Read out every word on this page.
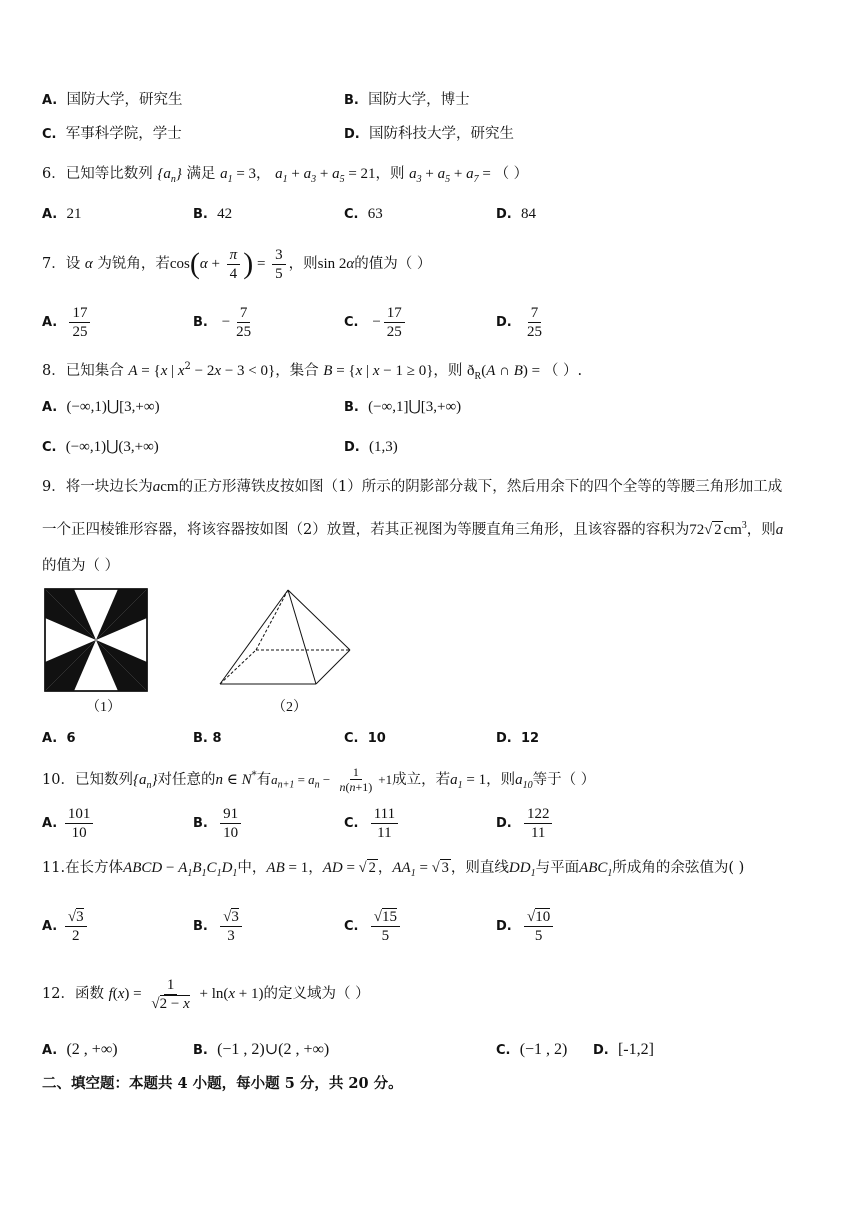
A. 国防大学，研究生	B. 国防大学，博士
C. 军事科学院，学士	D. 国防科技大学，研究生
6．已知等比数列 $\{a_n\}$ 满足 $a_1 = 3$， $a_1 + a_3 + a_5 = 21$，则 $a_3 + a_5 + a_7$ = （ ）
A. 21	B. 42	C. 63	D. 84
7．设 α 为锐角，若$\cos(\alpha + \frac{\pi}{4}$ ) = $\frac{3}{5}$ ，则sin 2α的值为（ ）
A. $\frac{17}{25}$	B. − $\frac{7}{25}$	C. − $\frac{17}{25}$	D. $\frac{7}{25}$
8．已知集合 A = {x | $x^2 - 2x - 3 < 0$}，集合 B = {x | x − 1 ≥ 0}，则 $ð_R(A$ ∩ B) = （ ）.
A. (−∞,1)⋃[3,+∞)	B. (−∞,1]⋃[3,+∞)
C. (−∞,1)⋃(3,+∞)	D. (1,3)
9．将一块边长为acm的正方形薄铁皮按如图（1）所示的阴影部分裁下，然后用余下的四个全等的等腰三角形加工成
一个正四棱锥形容器，将该容器按如图（2）放置，若其正视图为等腰直角三角形，且该容器的容积为72√ 2 $cm^3$，则a
的值为（ ）
（1）	（2）
A. 6	B. 8	C. 10	D. 12
10．已知数列$\{a_n\}$对任意的n ∈ N*有$a_{n+1} = a_n - \frac{1}{n(n+1)} +1$成立，若$a_1 = 1$，则$a_{10}$等于（ ）
A. $\frac{101}{10}$	B. $\frac{91}{10}$	C. $\frac{111}{11}$	D. $\frac{122}{11}$
11.在长方体ABCD − $A_1B_1C_1D_1$中，AB = 1，AD = √ 2 ，$AA_1$ = √ 3 ，则直线$DD_1$与平面$ABC_1$所成角的余弦值为( )
A. $\frac{√3}{2}$	B. $\frac{√3}{3}$	C. $\frac{√15}{5}$	D. $\frac{√10}{5}$
12．函数 $f(x) = \frac{1}{√2 - x} + \ln(x + 1)$的定义域为（ ）
A. (2 , +∞)	B. (−1 , 2)∪(2 , +∞)	C. (−1 , 2) D. [-1,2]
二、填空题：本题共 4 小题，每小题 5 分，共 20 分。
